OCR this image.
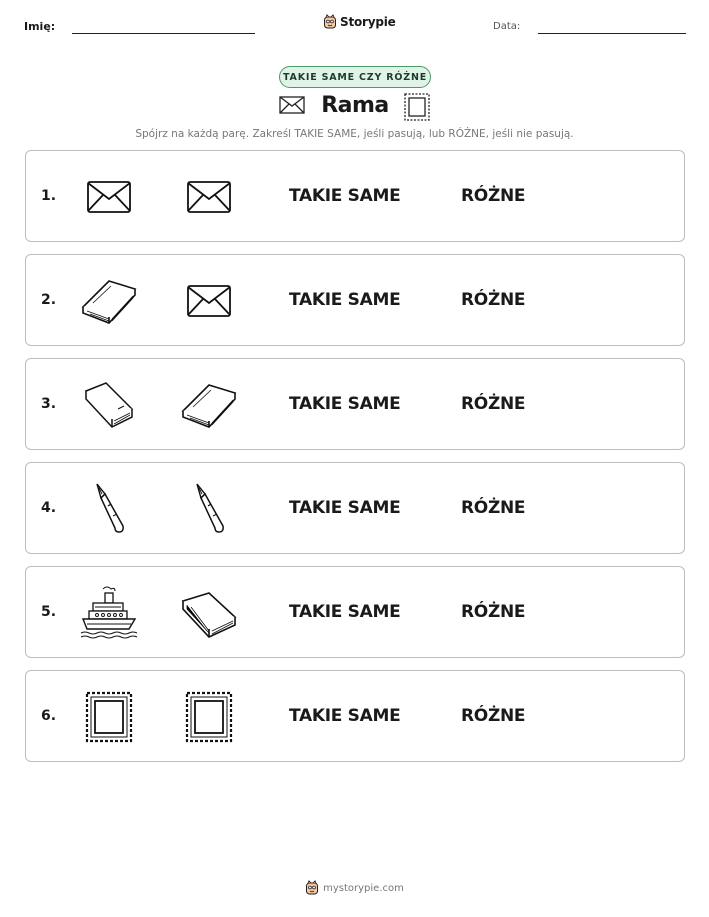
Imię:	Storypie	Data:
TAKIE SAME CZY RÓŻNE
Rama
Spójrz na każdą parę. Zakreśl TAKIE SAME, jeśli pasują, lub RÓŻNE, jeśli nie pasują.
1.	TAKIE SAME	RÓŻNE
2.	TAKIE SAME	RÓŻNE
3.	TAKIE SAME	RÓŻNE
4.	TAKIE SAME	RÓŻNE
5.	TAKIE SAME	RÓŻNE
6.	TAKIE SAME	RÓŻNE
mystorypie.com
